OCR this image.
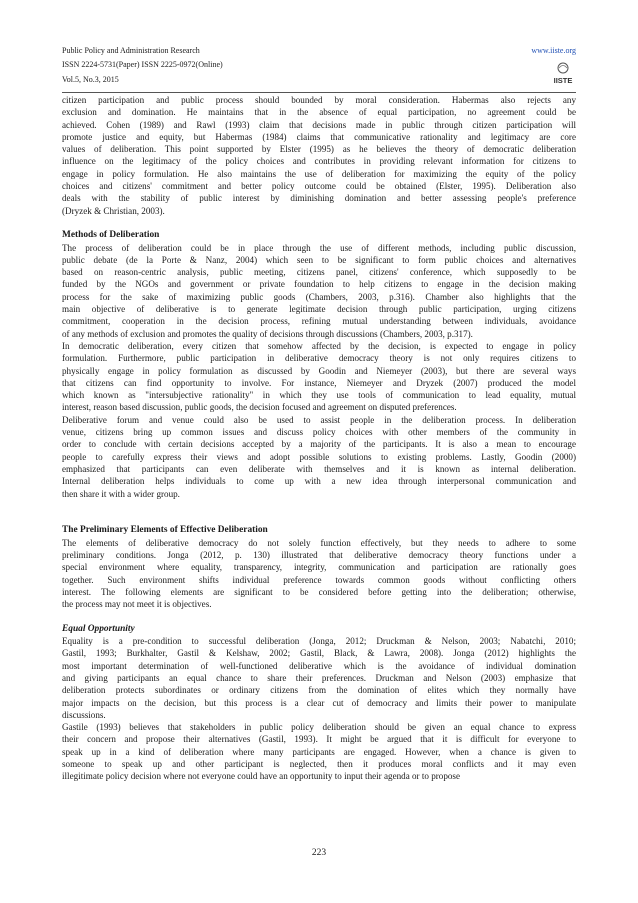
Public Policy and Administration Research
ISSN 2224-5731(Paper) ISSN 2225-0972(Online)
Vol.5, No.3, 2015
www.iiste.org
IISTE
citizen participation and public process should bounded by moral consideration. Habermas also rejects any
exclusion and domination. He maintains that in the absence of equal participation, no agreement could be
achieved. Cohen (1989) and Rawl (1993) claim that decisions made in public through citizen participation will
promote justice and equity, but Habermas (1984) claims that communicative rationality and legitimacy are core
values of deliberation. This point supported by Elster (1995) as he believes the theory of democratic deliberation
influence on the legitimacy of the policy choices and contributes in providing relevant information for citizens to
engage in policy formulation. He also maintains the use of deliberation for maximizing the equity of the policy
choices and citizens' commitment and better policy outcome could be obtained (Elster, 1995). Deliberation also
deals with the stability of public interest by diminishing domination and better assessing people's preference
(Dryzek & Christian, 2003).
Methods of Deliberation
The process of deliberation could be in place through the use of different methods, including public discussion,
public debate (de la Porte & Nanz, 2004) which seen to be significant to form public choices and alternatives
based on reason-centric analysis, public meeting, citizens panel, citizens' conference, which supposedly to be
funded by the NGOs and government or private foundation to help citizens to engage in the decision making
process for the sake of maximizing public goods (Chambers, 2003, p.316). Chamber also highlights that the
main objective of deliberative is to generate legitimate decision through public participation, urging citizens
commitment, cooperation in the decision process, refining mutual understanding between individuals, avoidance
of any methods of exclusion and promotes the quality of decisions through discussions (Chambers, 2003, p.317).
In democratic deliberation, every citizen that somehow affected by the decision, is expected to engage in policy
formulation. Furthermore, public participation in deliberative democracy theory is not only requires citizens to
physically engage in policy formulation as discussed by Goodin and Niemeyer (2003), but there are several ways
that citizens can find opportunity to involve. For instance, Niemeyer and Dryzek (2007) produced the model
which known as "intersubjective rationality" in which they use tools of communication to lead equality, mutual
interest, reason based discussion, public goods, the decision focused and agreement on disputed preferences.
Deliberative forum and venue could also be used to assist people in the deliberation process. In deliberation
venue, citizens bring up common issues and discuss policy choices with other members of the community in
order to conclude with certain decisions accepted by a majority of the participants. It is also a mean to encourage
people to carefully express their views and adopt possible solutions to existing problems. Lastly, Goodin (2000)
emphasized that participants can even deliberate with themselves and it is known as internal deliberation.
Internal deliberation helps individuals to come up with a new idea through interpersonal communication and
then share it with a wider group.
The Preliminary Elements of Effective Deliberation
The elements of deliberative democracy do not solely function effectively, but they needs to adhere to some
preliminary conditions. Jonga (2012, p. 130) illustrated that deliberative democracy theory functions under a
special environment where equality, transparency, integrity, communication and participation are rationally goes
together. Such environment shifts individual preference towards common goods without conflicting others
interest. The following elements are significant to be considered before getting into the deliberation; otherwise,
the process may not meet it is objectives.
Equal Opportunity
Equality is a pre-condition to successful deliberation (Jonga, 2012; Druckman & Nelson, 2003; Nabatchi, 2010;
Gastil, 1993; Burkhalter, Gastil & Kelshaw, 2002; Gastil, Black, & Lawra, 2008). Jonga (2012) highlights the
most important determination of well-functioned deliberative which is the avoidance of individual domination
and giving participants an equal chance to share their preferences. Druckman and Nelson (2003) emphasize that
deliberation protects subordinates or ordinary citizens from the domination of elites which they normally have
major impacts on the decision, but this process is a clear cut of democracy and limits their power to manipulate
discussions.
Gastile (1993) believes that stakeholders in public policy deliberation should be given an equal chance to express
their concern and propose their alternatives (Gastil, 1993). It might be argued that it is difficult for everyone to
speak up in a kind of deliberation where many participants are engaged. However, when a chance is given to
someone to speak up and other participant is neglected, then it produces moral conflicts and it may even
illegitimate policy decision where not everyone could have an opportunity to input their agenda or to propose
223
